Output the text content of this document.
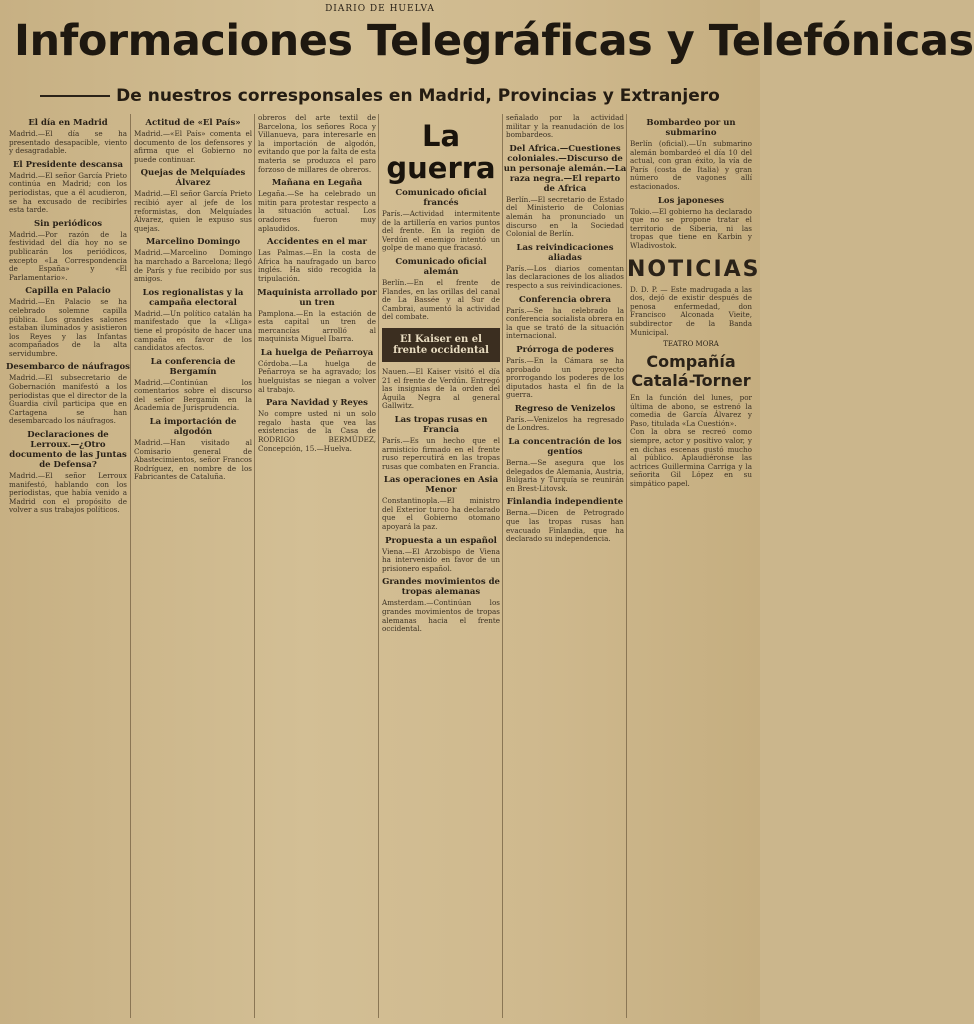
DIARIO DE HUELVA
Informaciones Telegráficas y Telefónicas
De nuestros corresponsales en Madrid, Provincias y Extranjero
El día en Madrid
Madrid.—El día se ha presentado desapacible, viento y desagradable.
El Presidente descansa
Madrid.—El señor García Prieto continúa en Madrid; con los periodistas, que a él acudieron, se ha excusado de recibirles esta tarde.
Sin periódicos
Madrid.—Por razón de la festividad del día hoy no se publicarán los periódicos, excepto «La Correspondencia de España» y «El Parlamentario».
Capilla en Palacio
Madrid.—En Palacio se ha celebrado solemne capilla pública. Los grandes salones estaban iluminados y asistieron los Reyes y las Infantas acompañados de la alta servidumbre.
Desembarco de náufragos
Madrid.—El subsecretario de Gobernación manifestó a los periodistas que el director de la Guardia civil participa que en Cartagena se han desembarcado los náufragos.
Declaraciones de Lerroux.—¿Otro documento de las Juntas de Defensa?
Madrid.—El señor Lerroux manifestó, hablando con los periodistas, que había venido a Madrid con el propósito de volver a sus trabajos políticos.
Actitud de «El País»
Madrid.—«El País» comenta el documento de los defensores y afirma que el Gobierno no puede continuar.
Quejas de Melquíades Álvarez
Madrid.—El señor García Prieto recibió ayer al jefe de los reformistas, don Melquíades Álvarez, quien le expuso sus quejas.
Marcelino Domingo
Madrid.—Marcelino Domingo ha marchado a Barcelona; llegó de París y fue recibido por sus amigos.
Los regionalistas y la campaña electoral
Madrid.—Un político catalán ha manifestado que la «Lliga» tiene el propósito de hacer una campaña en favor de los candidatos afectos.
La conferencia de Bergamín
Madrid.—Continúan los comentarios sobre el discurso del señor Bergamín en la Academia de Jurisprudencia.
La importación de algodón
Madrid.—Han visitado al Comisario general de Abastecimientos, señor Francos Rodríguez, en nombre de los Fabricantes de Cataluña.
obreros del arte textil de Barcelona, los señores Roca y Villanueva, para interesarle en la importación de algodón, evitando que por la falta de esta materia se produzca el paro forzoso de millares de obreros.
Mañana en Legaña
Legaña.—Se ha celebrado un mitin para protestar respecto a la situación actual. Los oradores fueron muy aplaudidos.
Accidentes en el mar
Las Palmas.—En la costa de Africa ha naufragado un barco inglés. Ha sido recogida la tripulación.
Maquinista arrollado por un tren
Pamplona.—En la estación de esta capital un tren de mercancías arrolló al maquinista Miguel Ibarra.
La huelga de Peñarroya
Córdoba.—La huelga de Peñarroya se ha agravado; los huelguistas se niegan a volver al trabajo.
Para Navidad y Reyes
No compre usted ni un solo regalo hasta que vea las existencias de la Casa de RODRIGO BERMÚDEZ, Concepción, 15.—Huelva.
La guerra
Comunicado oficial francés
París.—Actividad intermitente de la artillería en varios puntos del frente. En la región de Verdún el enemigo intentó un golpe de mano que fracasó.
Comunicado oficial alemán
Berlín.—En el frente de Flandes, en las orillas del canal de La Bassée y al Sur de Cambrai, aumentó la actividad del combate.
El Kaiser en el frente occidental
Nauen.—El Kaiser visitó el día 21 el frente de Verdún. Entregó las insignias de la orden del Águila Negra al general Gallwitz.
Las tropas rusas en Francia
París.—Es un hecho que el armisticio firmado en el frente ruso repercutirá en las tropas rusas que combaten en Francia.
Las operaciones en Asia Menor
Constantinopla.—El ministro del Exterior turco ha declarado que el Gobierno otomano apoyará la paz.
Propuesta a un español
Viena.—El Arzobispo de Viena ha intervenido en favor de un prisionero español.
Grandes movimientos de tropas alemanas
Amsterdam.—Continúan los grandes movimientos de tropas alemanas hacia el frente occidental.
señalado por la actividad militar y la reanudación de los bombardeos.
Del Africa.—Cuestiones coloniales.—Discurso de un personaje alemán.—La raza negra.—El reparto de Africa
Berlín.—El secretario de Estado del Ministerio de Colonias alemán ha pronunciado un discurso en la Sociedad Colonial de Berlín.
Las reivindicaciones aliadas
París.—Los diarios comentan las declaraciones de los aliados respecto a sus reivindicaciones.
Conferencia obrera
París.—Se ha celebrado la conferencia socialista obrera en la que se trató de la situación internacional.
Prórroga de poderes
París.—En la Cámara se ha aprobado un proyecto prorrogando los poderes de los diputados hasta el fin de la guerra.
Regreso de Venizelos
París.—Venizelos ha regresado de Londres.
La concentración de los gentíos
Berna.—Se asegura que los delegados de Alemania, Austria, Bulgaria y Turquía se reunirán en Brest-Litovsk.
Finlandia independiente
Berna.—Dicen de Petrogrado que las tropas rusas han evacuado Finlandia, que ha declarado su independencia.
Bombardeo por un submarino
Berlín (oficial).—Un submarino alemán bombardeó el día 10 del actual, con gran éxito, la vía de París (costa de Italia) y gran número de vagones allí estacionados.
Los japoneses
Tokio.—El gobierno ha declarado que no se propone tratar el territorio de Siberia, ni las tropas que tiene en Karbin y Wladivostok.
NOTICIAS
D. D. P. — Este madrugada a las dos, dejó de existir después de penosa enfermedad, don Francisco Alconada Vieite, subdirector de la Banda Municipal.
TEATRO MORA
Compañía Catalá-Torner
En la función del lunes, por última de abono, se estrenó la comedia de García Álvarez y Paso, titulada «La Cuestión».
Con la obra se recreó como siempre, actor y positivo valor, y en dichas escenas gustó mucho al público. Aplaudiéronse las actrices Guillermina Carriga y la señorita Gil López en su simpático papel.
